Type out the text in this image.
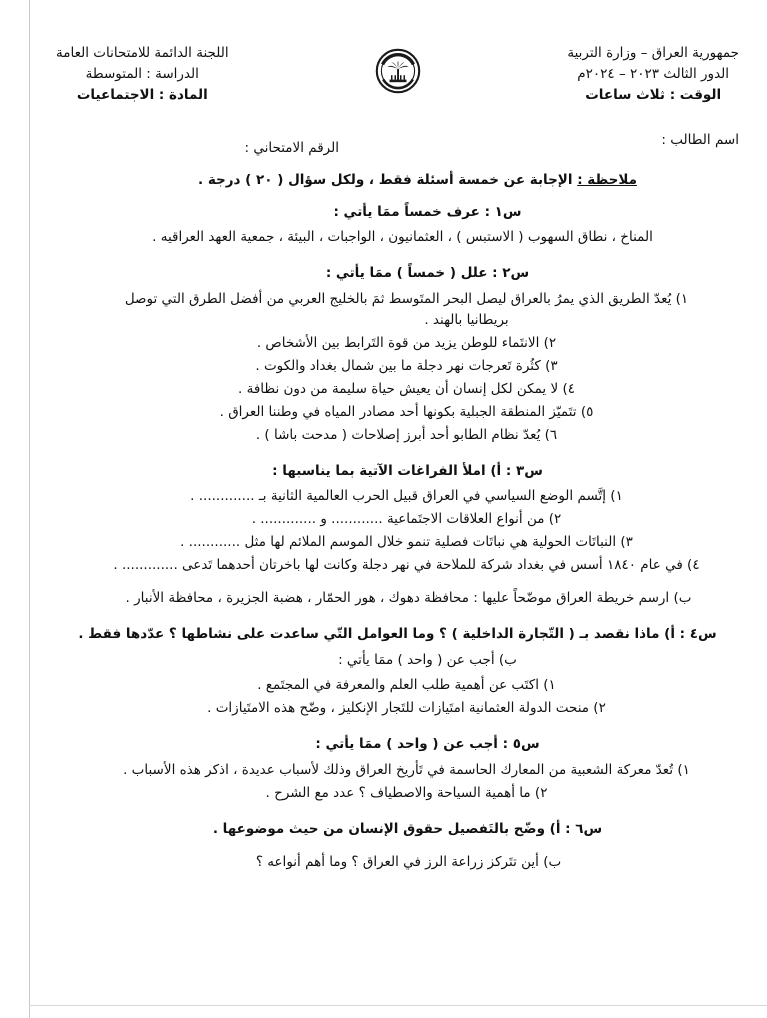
جمهورية العراق – وزارة التربية
الدور الثالث ٢٠٢٣ – ٢٠٢٤م
الوقت : ثلاث ساعات
اللجنة الدائمة للامتحانات العامة
الدراسة : المتوسطة
المادة : الاجتماعيات
اسم الطالب :
الرقم الامتحاني :
ملاحظة : الإجابة عن خمسة أسئلة فقط ، ولكل سؤال ( ٢٠ ) درجة .
س١ : عرف خمساً ممَا يأتي :
المناخ ، نطاق السهوب ( الاستبس ) ، العثمانيون ، الواجبات ، البيئة ، جمعية العهد العراقيه .
س٢ : علل ( خمساً ) ممَا يأتي :
١) يُعدّ الطريق الذي يمرُ بالعراق ليصل البحر المتَوسط ثمَ بالخليج العربي من أفضل الطرق التي توصل
بريطانيا بالهند .
٢) الانتَماء للوطن يزيد من قوة التَرابط بين الأشخاص .
٣) كثُرة تَعرجات نهر دجلة ما بين شمال بغداد والكوت .
٤) لا يمكن لكل إنسان أن يعيش حياة سليمة من دون نظافة .
٥) تتَميّز المنطقة الجبلية بكونها أحد مصادر المياه في وطننا العراق .
٦) يُعدّ نظام الطابو أحد أبرز إصلاحات ( مدحت باشا ) .
س٣ : أ) املأ الفراغات الآتية بما يناسبها :
١) إتَّسم الوضع السياسي في العراق قبيل الحرب العالمية الثانية بـ ............. .
٢) من أنواع العلاقات الاجتَماعية ............ و ............. .
٣) النباتَات الحولية هي نباتَات فصلية تنمو خلال الموسم الملائم لها مثل ............ .
٤) في عام ١٨٤٠ أسس في بغداد شركة للملاحة في نهر دجلة وكانت لها باخرتان أحدهما تَدعى ............. .
ب) ارسم خريطة العراق موضّحاً عليها : محافظة دهوك ، هور الحمّار ، هضبة الجزيرة ، محافظة الأنبار .
س٤ : أ) ماذا نقصد بـ ( التّجارة الداخلية ) ؟ وما العوامل التّي ساعدت على نشاطها ؟ عدّدها فقط .
ب) أجب عن ( واحد ) ممَا يأتي :
١) اكتَب عن أهمية طلب العلم والمعرفة في المجتَمع .
٢) منحت الدولة العثمانية امتَيازات للتَجار الإنكليز ، وضّح هذه الامتَيازات .
س٥ : أجب عن ( واحد ) ممَا يأتي :
١) تُعدّ معركة الشعبية من المعارك الحاسمة في تَأريخ العراق وذلك لأسباب عديدة ، اذكر هذه الأسباب .
٢) ما أهمية السياحة والاصطياف ؟ عدد مع الشرح .
س٦ : أ) وضّح بالتَفصيل حقوق الإنسان من حيث موضوعها .
ب) أين تتَركز زراعة الرز في العراق ؟ وما أهم أنواعه ؟
